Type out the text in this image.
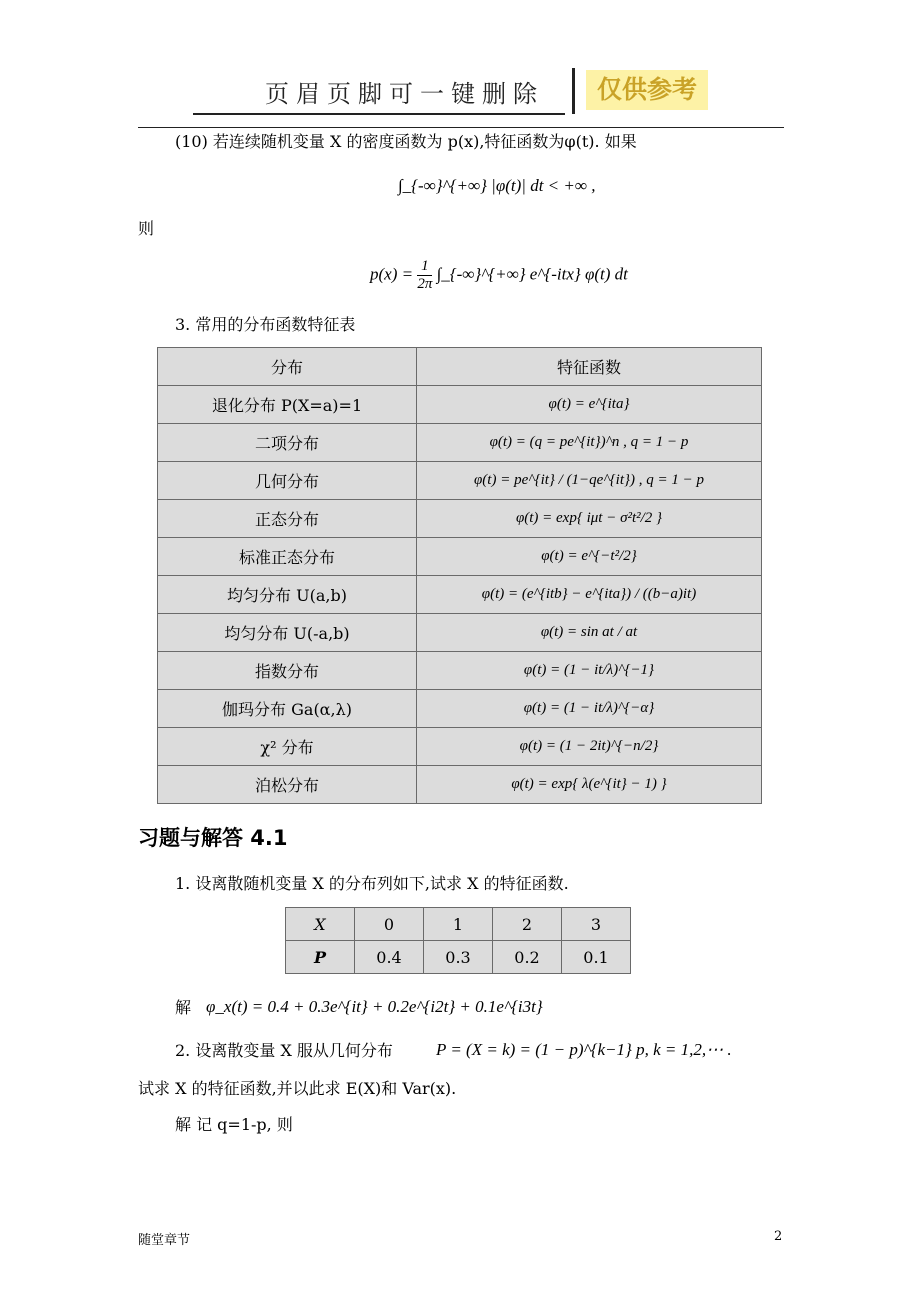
页眉页脚可一键删除	仅供参考
(10) 若连续随机变量 X 的密度函数为 p(x),特征函数为φ(t). 如果
∫_{-∞}^{+∞} |φ(t)| dt < +∞ ,
则
$p(x) = \frac{1}{2\pi}$ ∫_{-∞}^{+∞} e^{-itx} φ(t) dt
3. 常用的分布函数特征表
分布	特征函数
退化分布 P(X=a)=1	φ(t) = e^{ita}
二项分布	φ(t) = (q = pe^{it})^n , q = 1 − p
几何分布	φ(t) = pe^{it} / (1−qe^{it}) , q = 1 − p
正态分布	φ(t) = exp{ iμt − σ²t²/2 }
标准正态分布	φ(t) = e^{−t²/2}
均匀分布 U(a,b)	φ(t) = (e^{itb} − e^{ita}) / ((b−a)it)
均匀分布 U(-a,b)	φ(t) = sin at / at
指数分布	φ(t) = (1 − it/λ)^{−1}
伽玛分布 Ga(α,λ)	φ(t) = (1 − it/λ)^{−α}
χ² 分布	φ(t) = (1 − 2it)^{−n/2}
泊松分布	φ(t) = exp{ λ(e^{it} − 1) }
习题与解答 4.1
1. 设离散随机变量 X 的分布列如下,试求 X 的特征函数.
X	0	1	2	3
P	0.4	0.3	0.2	0.1
解 φ_x(t) = 0.4 + 0.3e^{it} + 0.2e^{i2t} + 0.1e^{i3t}
2. 设离散变量 X 服从几何分布	P = (X = k) = (1 − p)^{k−1} p, k = 1,2,⋯ .
试求 X 的特征函数,并以此求 E(X)和 Var(x).
解 记 q=1-p, 则
随堂章节	2
